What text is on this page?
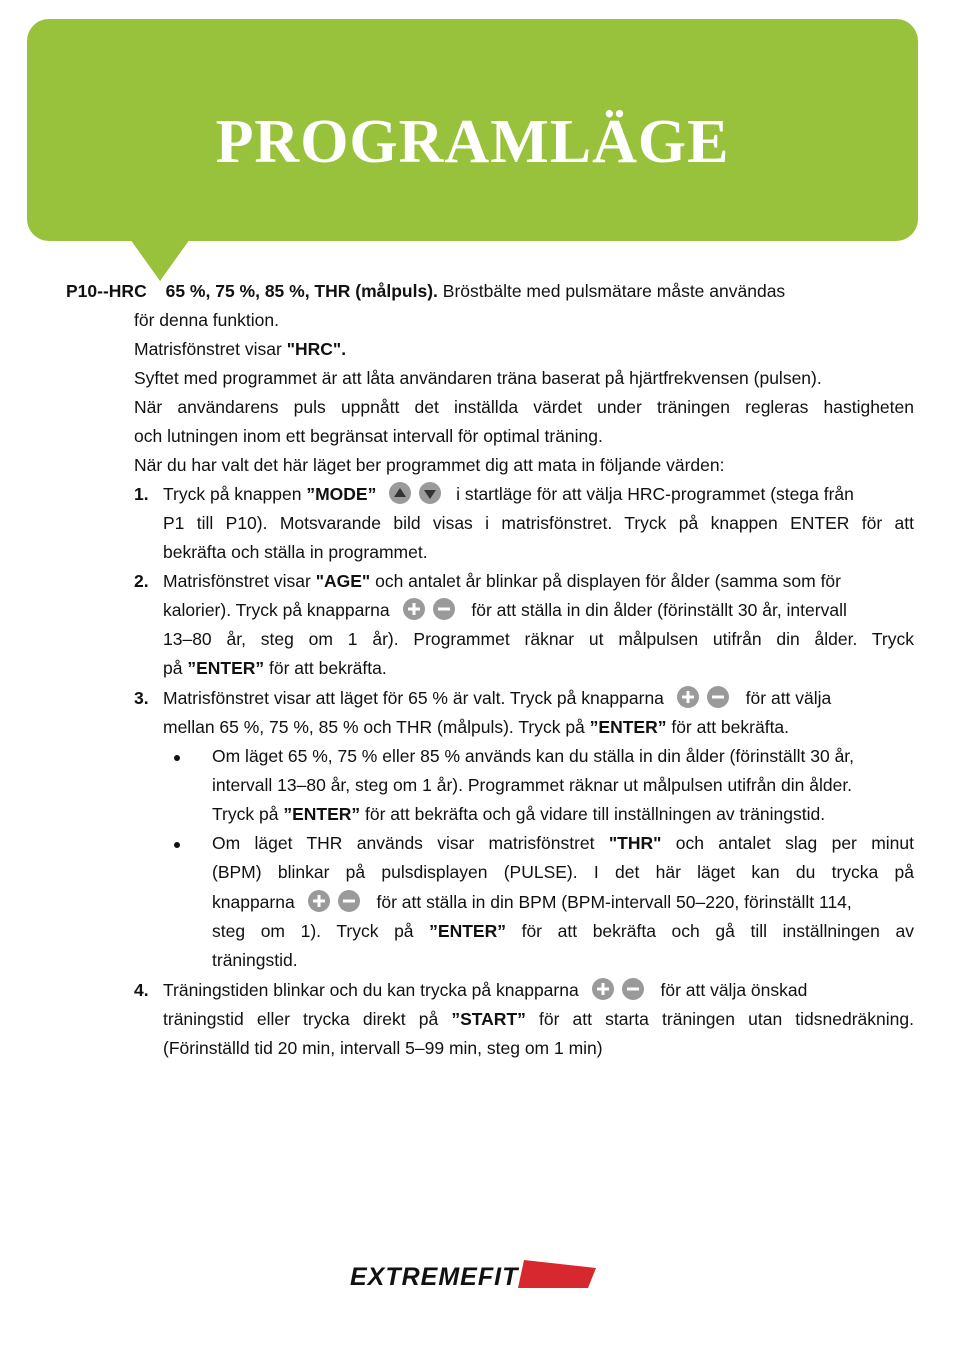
PROGRAMLÄGE
P10--HRC 65 %, 75 %, 85 %, THR (målpuls). Bröstbälte med pulsmätare måste användas
för denna funktion.
Matrisfönstret visar "HRC".
Syftet med programmet är att låta användaren träna baserat på hjärtfrekvensen (pulsen).
När användarens puls uppnått det inställda värdet under träningen regleras hastigheten
och lutningen inom ett begränsat intervall för optimal träning.
När du har valt det här läget ber programmet dig att mata in följande värden:
1. Tryck på knappen ”MODE”	i startläge för att välja HRC-programmet (stega från
P1 till P10). Motsvarande bild visas i matrisfönstret. Tryck på knappen ENTER för att
bekräfta och ställa in programmet.
2. Matrisfönstret visar "AGE" och antalet år blinkar på displayen för ålder (samma som för
kalorier). Tryck på knapparna	för att ställa in din ålder (förinställt 30 år, intervall
13–80 år, steg om 1 år). Programmet räknar ut målpulsen utifrån din ålder. Tryck
på ”ENTER” för att bekräfta.
3. Matrisfönstret visar att läget för 65 % är valt. Tryck på knapparna	för att välja
mellan 65 %, 75 %, 85 % och THR (målpuls). Tryck på ”ENTER” för att bekräfta.
Om läget 65 %, 75 % eller 85 % används kan du ställa in din ålder (förinställt 30 år,
intervall 13–80 år, steg om 1 år). Programmet räknar ut målpulsen utifrån din ålder.
Tryck på ”ENTER” för att bekräfta och gå vidare till inställningen av träningstid.
Om läget THR används visar matrisfönstret "THR" och antalet slag per minut
(BPM) blinkar på pulsdisplayen (PULSE). I det här läget kan du trycka på
knapparna	för att ställa in din BPM (BPM-intervall 50–220, förinställt 114,
steg om 1). Tryck på ”ENTER” för att bekräfta och gå till inställningen av
träningstid.
4. Träningstiden blinkar och du kan trycka på knapparna	för att välja önskad
träningstid eller trycka direkt på ”START” för att starta träningen utan tidsnedräkning.
(Förinställd tid 20 min, intervall 5–99 min, steg om 1 min)
EXTREMEFIT
